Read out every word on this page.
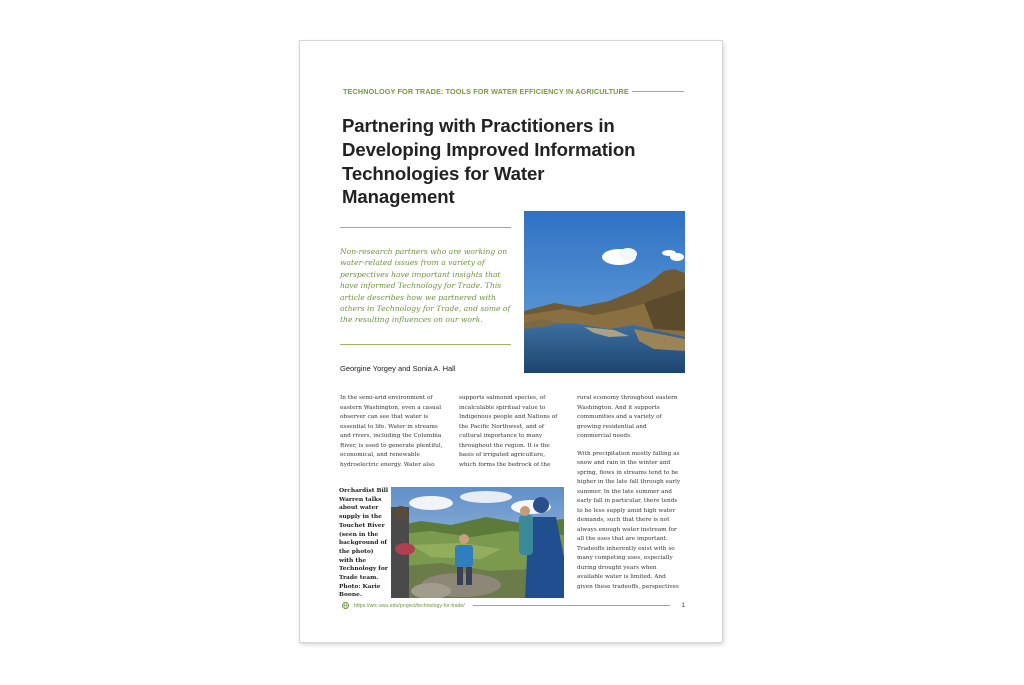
TECHNOLOGY FOR TRADE: TOOLS FOR WATER EFFICIENCY IN AGRICULTURE
Partnering with Practitioners in
Developing Improved Information
Technologies for Water
Management

Non-research partners who are working on
water-related issues from a variety of
perspectives have important insights that
have informed Technology for Trade. This
article describes how we partnered with
others in Technology for Trade, and some of
the resulting influences on our work.

Georgine Yorgey and Sonia A. Hall
In the semi-arid environment of
eastern Washington, even a casual
observer can see that water is
essential to life. Water in streams
and rivers, including the Columbia
River, is used to generate plentiful,
economical, and renewable
hydroelectric energy. Water also
supports salmonid species, of
incalculable spiritual value to
Indigenous people and Nations of
the Pacific Northwest, and of
cultural importance to many
throughout the region. It is the
basis of irrigated agriculture,
which forms the bedrock of the

rural economy throughout eastern
Washington. And it supports
communities and a variety of
growing residential and
commercial needs.

With precipitation mostly falling as
snow and rain in the winter and
spring, flows in streams tend to be
higher in the late fall through early
summer. In the late summer and
early fall in particular, there tends
to be less supply amid high water
demands, such that there is not
always enough water instream for
all the uses that are important.
Tradeoffs inherently exist with so
many competing uses, especially
during drought years when
available water is limited. And
given these tradeoffs, perspectives

Orchardist Bill
Warren talks
about water
supply in the
Touchet River
(seen in the
background of
the photo)
with the
Technology for
Trade team.
Photo: Karie
Boone.
https://wrc.wsu.edu/project/technology-for-trade/	1
